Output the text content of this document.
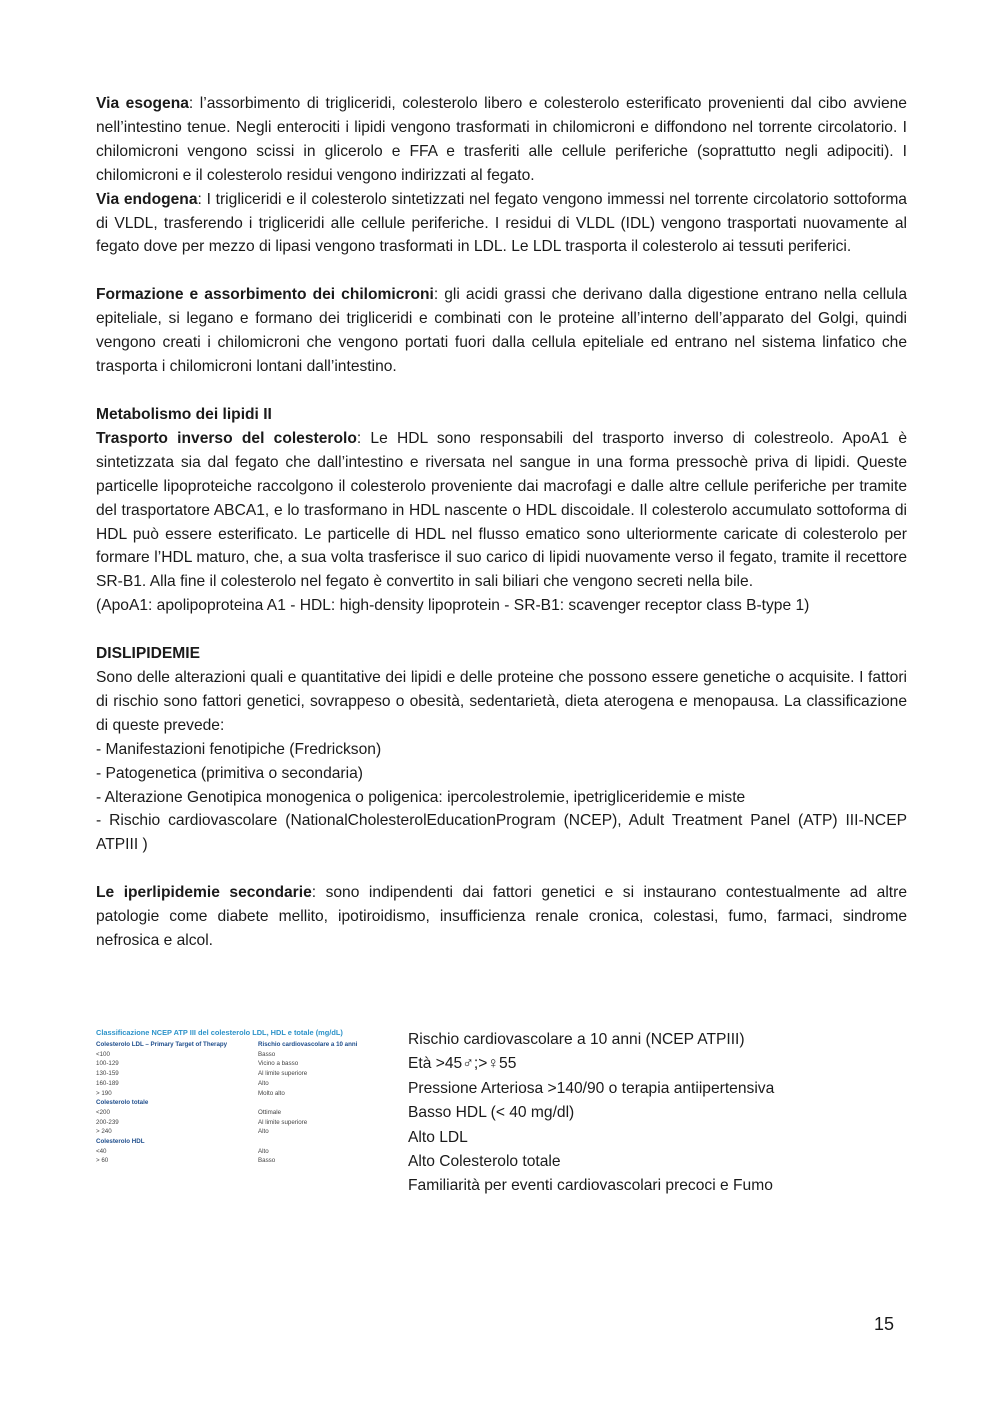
Via esogena: l’assorbimento di trigliceridi, colesterolo libero e colesterolo esterificato provenienti dal cibo avviene nell’intestino tenue. Negli enterociti i lipidi vengono trasformati in chilomicroni e diffondono nel torrente circolatorio. I chilomicroni vengono scissi in glicerolo e FFA e trasferiti alle cellule periferiche (soprattutto negli adipociti). I chilomicroni e il colesterolo residui vengono indirizzati al fegato.

Via endogena: I trigliceridi e il colesterolo sintetizzati nel fegato vengono immessi nel torrente circolatorio sottoforma di VLDL, trasferendo i trigliceridi alle cellule periferiche. I residui di VLDL (IDL) vengono trasportati nuovamente al fegato dove per mezzo di lipasi vengono trasformati in LDL. Le LDL trasporta il colesterolo ai tessuti periferici.

Formazione e assorbimento dei chilomicroni: gli acidi grassi che derivano dalla digestione entrano nella cellula epiteliale, si legano e formano dei trigliceridi e combinati con le proteine all’interno dell’apparato del Golgi, quindi vengono creati i chilomicroni che vengono portati fuori dalla cellula epiteliale ed entrano nel sistema linfatico che trasporta i chilomicroni lontani dall’intestino.

Metabolismo dei lipidi II

Trasporto inverso del colesterolo: Le HDL sono responsabili del trasporto inverso di colestreolo. ApoA1 è sintetizzata sia dal fegato che dall’intestino e riversata nel sangue in una forma pressochè priva di lipidi. Queste particelle lipoproteiche raccolgono il colesterolo proveniente dai macrofagi e dalle altre cellule periferiche per tramite del trasportatore ABCA1, e lo trasformano in HDL nascente o HDL discoidale. Il colesterolo accumulato sottoforma di HDL può essere esterificato. Le particelle di HDL nel flusso ematico sono ulteriormente caricate di colesterolo per formare l’HDL maturo, che, a sua volta trasferisce il suo carico di lipidi nuovamente verso il fegato, tramite il recettore SR-B1. Alla fine il colesterolo nel fegato è convertito in sali biliari che vengono secreti nella bile.

(ApoA1: apolipoproteina A1 - HDL: high-density lipoprotein - SR-B1: scavenger receptor class B-type 1)

DISLIPIDEMIE

Sono delle alterazioni quali e quantitative dei lipidi e delle proteine che possono essere genetiche o acquisite. I fattori di rischio sono fattori genetici, sovrappeso o obesità, sedentarietà, dieta aterogena e menopausa. La classificazione di queste prevede:

- Manifestazioni fenotipiche (Fredrickson)

- Patogenetica (primitiva o secondaria)

- Alterazione Genotipica monogenica o poligenica: ipercolestrolemie, ipetrigliceridemie e miste

- Rischio cardiovascolare (NationalCholesterolEducationProgram (NCEP), Adult Treatment Panel (ATP) III-NCEP ATPIII )

Le iperlipidemie secondarie: sono indipendenti dai fattori genetici e si instaurano contestualmente ad altre patologie come diabete mellito, ipotiroidismo, insufficienza renale cronica, colestasi, fumo, farmaci, sindrome nefrosica e alcol.

Classificazione NCEP ATP III del colesterolo LDL, HDL e totale (mg/dL)
Colesterolo LDL – Primary Target of Therapy	Rischio cardiovascolare a 10 anni
<100	Basso
100-129	Vicino a basso
130-159	Al limite superiore
160-189	Alto
> 190	Molto alto
Colesterolo totale
<200	Ottimale
200-239	Al limite superiore
> 240	Alto
Colesterolo HDL
<40	Alto
> 60	Basso

Rischio cardiovascolare a 10 anni (NCEP ATPIII)

Età >45♂;>♀55

Pressione Arteriosa >140/90 o terapia antiipertensiva

Basso HDL (< 40 mg/dl)

Alto LDL

Alto Colesterolo totale

Familiarità per eventi cardiovascolari precoci e Fumo

15
